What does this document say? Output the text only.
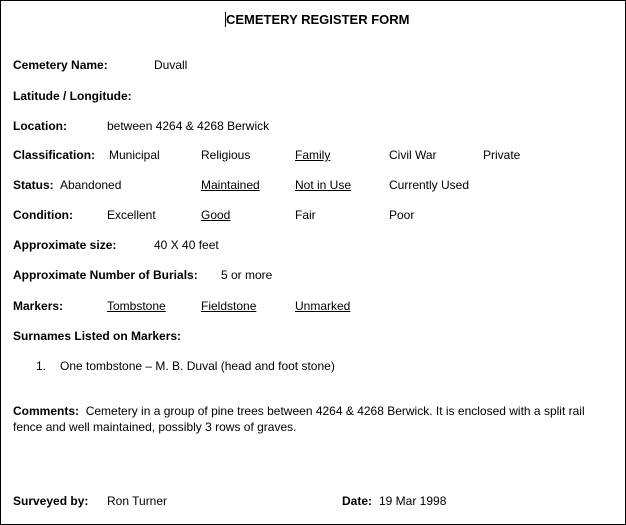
CEMETERY REGISTER FORM
Cemetery Name:	Duvall
Latitude / Longitude:
Location:	between 4264 & 4268 Berwick
Classification: Municipal	Religious	Family	Civil War	Private
Status: Abandoned	Maintained	Not in Use	Currently Used
Condition:	Excellent	Good	Fair	Poor
Approximate size:	40 X 40 feet
Approximate Number of Burials: 5 or more
Markers:	Tombstone	Fieldstone	Unmarked
Surnames Listed on Markers:
1. One tombstone – M. B. Duval (head and foot stone)
Comments: Cemetery in a group of pine trees between 4264 & 4268 Berwick. It is enclosed with a split rail fence and well maintained, possibly 3 rows of graves.
Surveyed by: Ron Turner	Date: 19 Mar 1998
